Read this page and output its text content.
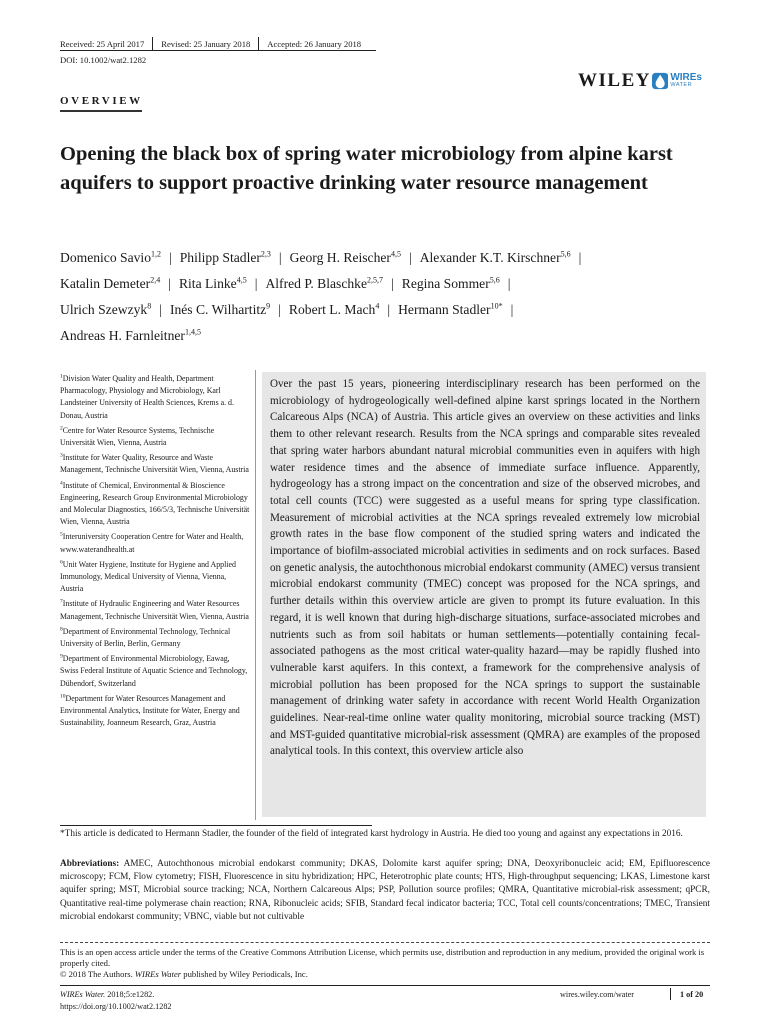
Received: 25 April 2017 Revised: 25 January 2018 Accepted: 26 January 2018
DOI: 10.1002/wat2.1282
WILEY WIREs
WATER
OVERVIEW
Opening the black box of spring water microbiology from alpine karst aquifers to support proactive drinking water resource management
Domenico Savio$^{1,2}$ | Philipp Stadler$^{2,3}$ | Georg H. Reischer$^{4,5}$ | Alexander K.T. Kirschner$^{5,6}$ |
Katalin Demeter$^{2,4}$ | Rita Linke$^{4,5}$ | Alfred P. Blaschke$^{2,5,7}$ | Regina Sommer$^{5,6}$ |
Ulrich Szewzyk$^8$ | Inés C. Wilhartitz$^9$ | Robert L. Mach$^4$ | Hermann Stadler$^{10*}$ |
Andreas H. Farnleitner$^{1,4,5}$
$^1$Division Water Quality and Health, Department Pharmacology, Physiology and Microbiology, Karl Landsteiner University of Health Sciences, Krems a. d. Donau, Austria
$^2$Centre for Water Resource Systems, Technische Universität Wien, Vienna, Austria
$^3$Institute for Water Quality, Resource and Waste Management, Technische Universität Wien, Vienna, Austria
$^4$Institute of Chemical, Environmental & Bioscience Engineering, Research Group Environmental Microbiology and Molecular Diagnostics, 166/5/3, Technische Universität Wien, Vienna, Austria
$^5$Interuniversity Cooperation Centre for Water and Health, www.waterandhealth.at
$^6$Unit Water Hygiene, Institute for Hygiene and Applied Immunology, Medical University of Vienna, Vienna, Austria
$^7$Institute of Hydraulic Engineering and Water Resources Management, Technische Universität Wien, Vienna, Austria
$^8$Department of Environmental Technology, Technical University of Berlin, Berlin, Germany
$^9$Department of Environmental Microbiology, Eawag, Swiss Federal Institute of Aquatic Science and Technology, Dübendorf, Switzerland
$^{10}$Department for Water Resources Management and Environmental Analytics, Institute for Water, Energy and Sustainability, Joanneum Research, Graz, Austria
Over the past 15 years, pioneering interdisciplinary research has been performed on the microbiology of hydrogeologically well-defined alpine karst springs located in the Northern Calcareous Alps (NCA) of Austria. This article gives an overview on these activities and links them to other relevant research. Results from the NCA springs and comparable sites revealed that spring water harbors abundant natural microbial communities even in aquifers with high water residence times and the absence of immediate surface influence. Apparently, hydrogeology has a strong impact on the concentration and size of the observed microbes, and total cell counts (TCC) were suggested as a useful means for spring type classification. Measurement of microbial activities at the NCA springs revealed extremely low microbial growth rates in the base flow component of the studied spring waters and indicated the importance of biofilm-associated microbial activities in sediments and on rock surfaces. Based on genetic analysis, the autochthonous microbial endokarst community (AMEC) versus transient microbial endokarst community (TMEC) concept was proposed for the NCA springs, and further details within this overview article are given to prompt its future evaluation. In this regard, it is well known that during high-discharge situations, surface-associated microbes and nutrients such as from soil habitats or human settlements—potentially containing fecal-associated pathogens as the most critical water-quality hazard—may be rapidly flushed into vulnerable karst aquifers. In this context, a framework for the comprehensive analysis of microbial pollution has been proposed for the NCA springs to support the sustainable management of drinking water safety in accordance with recent World Health Organization guidelines. Near-real-time online water quality monitoring, microbial source tracking (MST) and MST-guided quantitative microbial-risk assessment (QMRA) are examples of the proposed analytical tools. In this context, this overview article also
*This article is dedicated to Hermann Stadler, the founder of the field of integrated karst hydrology in Austria. He died too young and against any expectations in 2016.
Abbreviations: AMEC, Autochthonous microbial endokarst community; DKAS, Dolomite karst aquifer spring; DNA, Deoxyribonucleic acid; EM, Epifluorescence microscopy; FCM, Flow cytometry; FISH, Fluorescence in situ hybridization; HPC, Heterotrophic plate counts; HTS, High-throughput sequencing; LKAS, Limestone karst aquifer spring; MST, Microbial source tracking; NCA, Northern Calcareous Alps; PSP, Pollution source profiles; QMRA, Quantitative microbial-risk assessment; qPCR, Quantitative real-time polymerase chain reaction; RNA, Ribonucleic acids; SFIB, Standard fecal indicator bacteria; TCC, Total cell counts/concentrations; TMEC, Transient microbial endokarst community; VBNC, viable but not cultivable
This is an open access article under the terms of the Creative Commons Attribution License, which permits use, distribution and reproduction in any medium, provided the original work is properly cited.
© 2018 The Authors. WIREs Water published by Wiley Periodicals, Inc.
WIREs Water. 2018;5:e1282.
https://doi.org/10.1002/wat2.1282
wires.wiley.com/water	1 of 20
